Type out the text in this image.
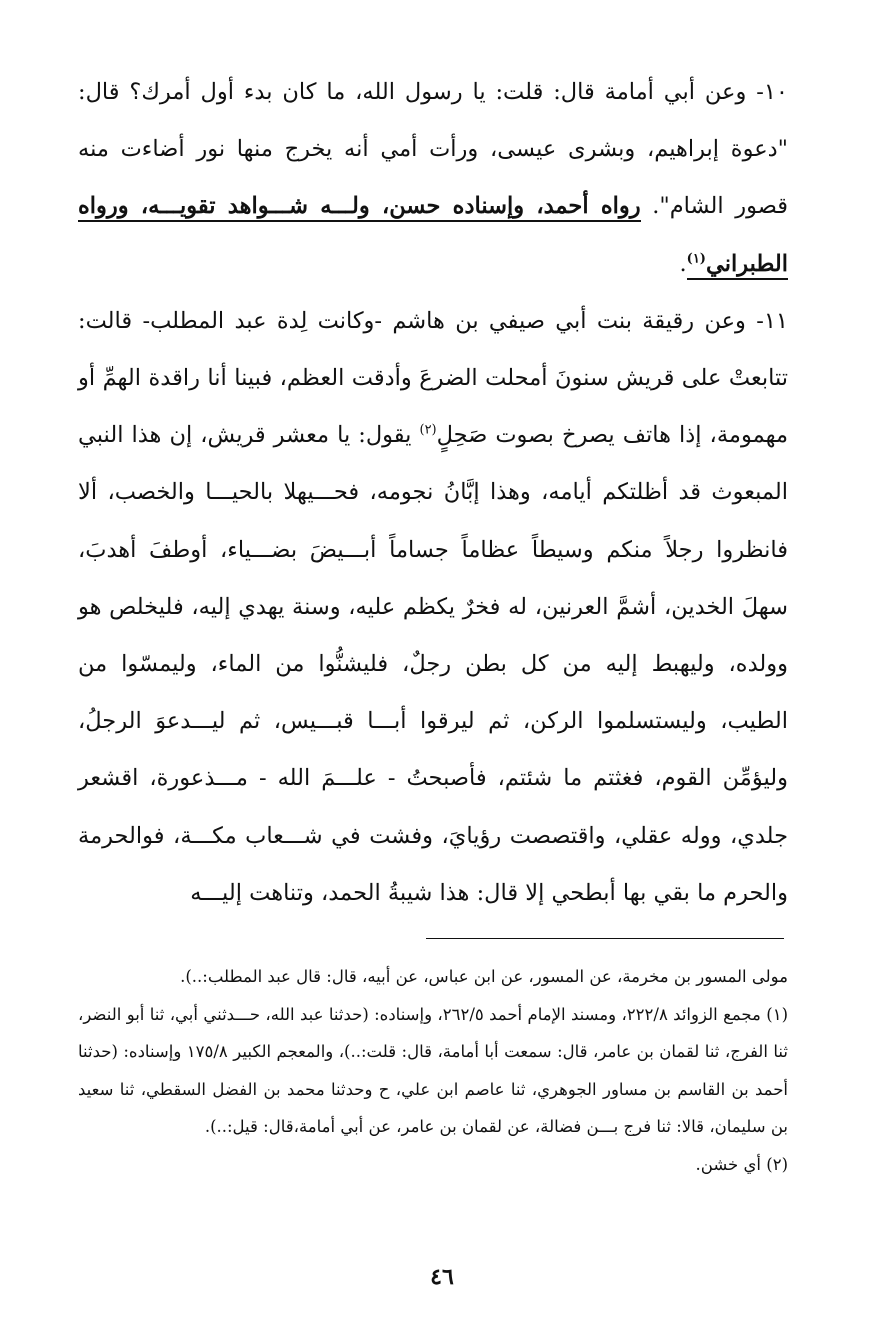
١٠- وعن أبي أمامة قال: قلت: يا رسول الله، ما كان بدء أول أمرك؟ قال: "دعوة إبراهيم، وبشرى عيسى، ورأت أمي أنه يخرج منها نور أضاءت منه قصور الشام". رواه أحمد، وإسناده حسن، ولـــه شـــواهد تقويـــه، ورواه الطبراني$^{(١)}$.

١١- وعن رقيقة بنت أبي صيفي بن هاشم -وكانت لِدة عبد المطلب- قالت: تتابعتْ على قريش سنونَ أمحلت الضرعَ وأدقت العظم، فبينا أنا راقدة الهمِّ أو مهمومة، إذا هاتف يصرخ بصوت صَحِلٍ$^{(٢)}$ يقول: يا معشر قريش، إن هذا النبي المبعوث قد أظلتكم أيامه، وهذا إبَّانُ نجومه، فحـــيهلا بالحيـــا والخصب، ألا فانظروا رجلاً منكم وسيطاً عظاماً جساماً أبـــيضَ بضـــياء، أوطفَ أهدبَ، سهلَ الخدين، أشمَّ العرنين، له فخرٌ يكظم عليه، وسنة يهدي إليه، فليخلص هو وولده، وليهبط إليه من كل بطن رجلٌ، فليشنُّوا من الماء، وليمسّوا من الطيب، وليستسلموا الركن، ثم ليرقوا أبـــا قبـــيس، ثم ليـــدعوَ الرجلُ، وليؤمِّن القوم، فغثتم ما شئتم، فأصبحتُ - علـــمَ الله - مـــذعورة، اقشعر جلدي، ووله عقلي، واقتصصت رؤيايَ، وفشت في شـــعاب مكـــة، فوالحرمة والحرم ما بقي بها أبطحي إلا قال: هذا شيبةُ الحمد، وتناهت إليـــه

مولى المسور بن مخرمة، عن المسور، عن ابن عباس، عن أبيه، قال: قال عبد المطلب:..).

(١) مجمع الزوائد ٢٢٢/٨، ومسند الإمام أحمد ٢٦٢/٥، وإسناده: (حدثنا عبد الله، حـــدثني أبي، ثنا أبو النضر، ثنا الفرج، ثنا لقمان بن عامر، قال: سمعت أبا أمامة، قال: قلت:..)، والمعجم الكبير ١٧٥/٨ وإسناده: (حدثنا أحمد بن القاسم بن مساور الجوهري، ثنا عاصم ابن علي، ح وحدثنا محمد بن الفضل السقطي، ثنا سعيد بن سليمان، قالا: ثنا فرج بـــن فضالة، عن لقمان بن عامر، عن أبي أمامة،قال: قيل:..).

(٢) أي خشن.

٤٦
